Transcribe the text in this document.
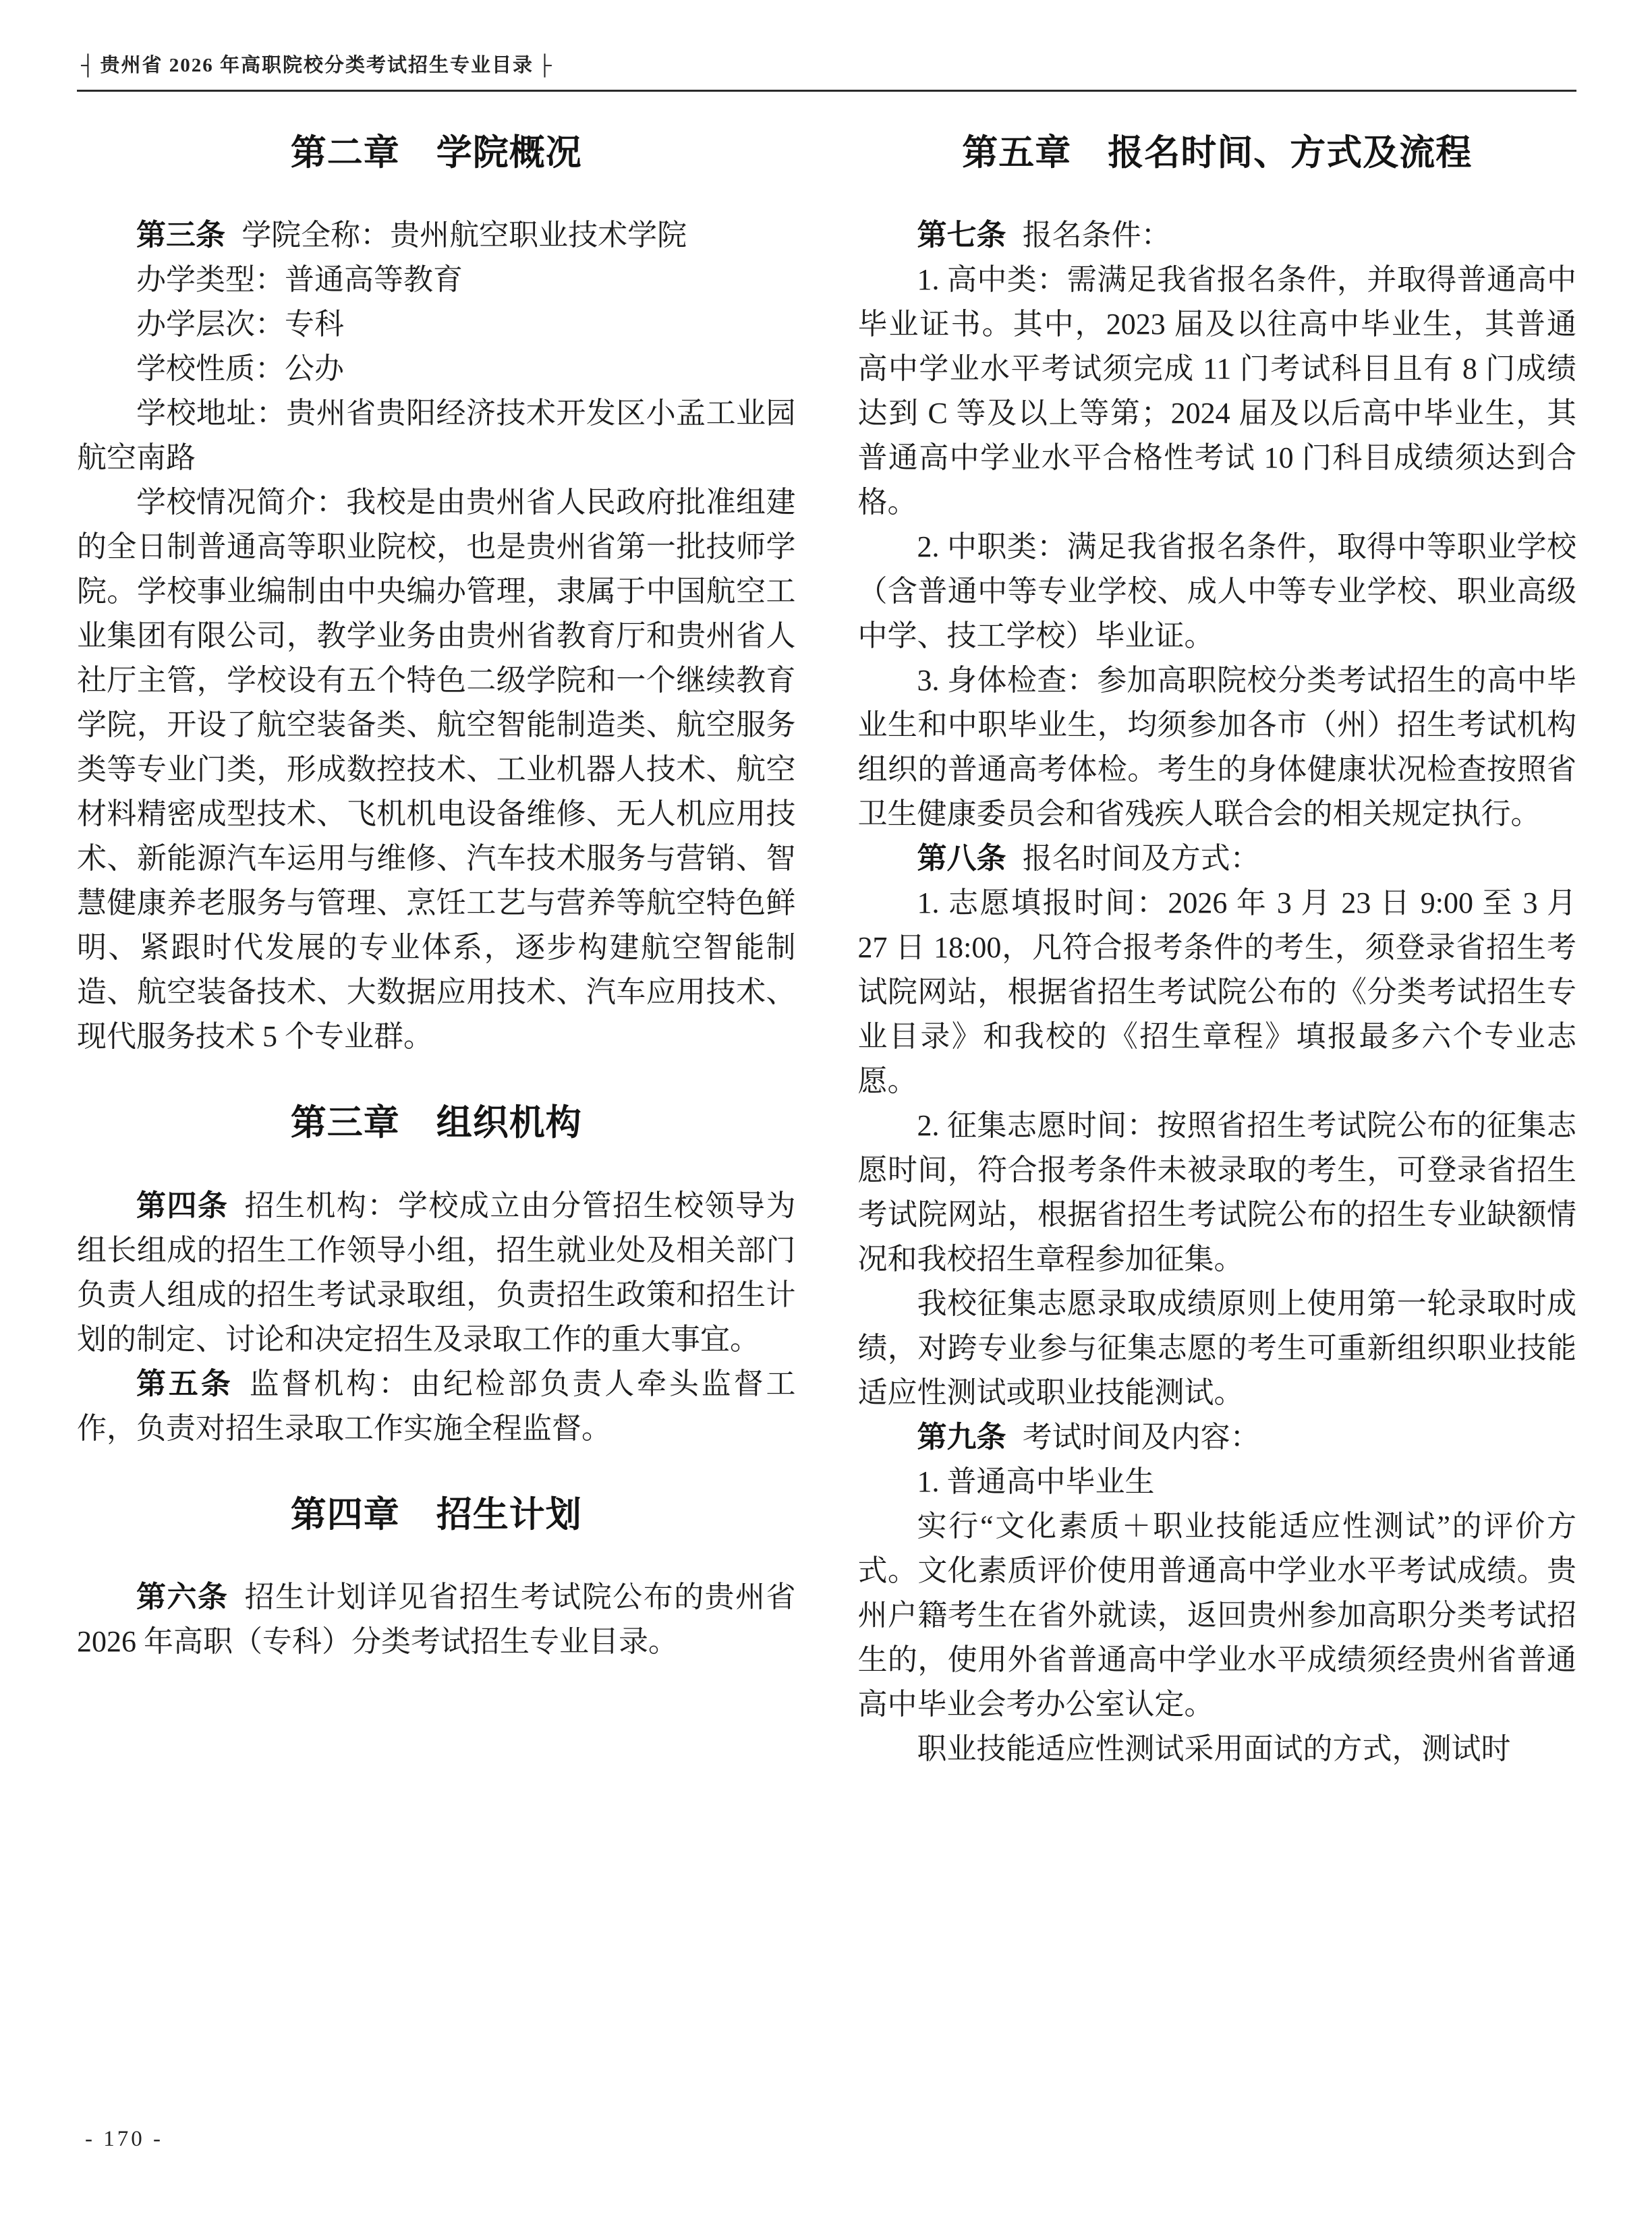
┤ 贵州省 2026 年高职院校分类考试招生专业目录 ├

第二章　学院概况

第三条 学院全称：贵州航空职业技术学院

办学类型：普通高等教育

办学层次：专科

学校性质：公办

学校地址：贵州省贵阳经济技术开发区小孟工业园航空南路

学校情况简介：我校是由贵州省人民政府批准组建的全日制普通高等职业院校，也是贵州省第一批技师学院。学校事业编制由中央编办管理，隶属于中国航空工业集团有限公司，教学业务由贵州省教育厅和贵州省人社厅主管，学校设有五个特色二级学院和一个继续教育学院，开设了航空装备类、航空智能制造类、航空服务类等专业门类，形成数控技术、工业机器人技术、航空材料精密成型技术、飞机机电设备维修、无人机应用技术、新能源汽车运用与维修、汽车技术服务与营销、智慧健康养老服务与管理、烹饪工艺与营养等航空特色鲜明、紧跟时代发展的专业体系，逐步构建航空智能制造、航空装备技术、大数据应用技术、汽车应用技术、现代服务技术 5 个专业群。

第三章　组织机构

第四条 招生机构：学校成立由分管招生校领导为组长组成的招生工作领导小组，招生就业处及相关部门负责人组成的招生考试录取组，负责招生政策和招生计划的制定、讨论和决定招生及录取工作的重大事宜。

第五条 监督机构：由纪检部负责人牵头监督工作，负责对招生录取工作实施全程监督。

第四章　招生计划

第六条 招生计划详见省招生考试院公布的贵州省 2026 年高职（专科）分类考试招生专业目录。

第五章　报名时间、方式及流程

第七条 报名条件：

1. 高中类：需满足我省报名条件，并取得普通高中毕业证书。其中，2023 届及以往高中毕业生，其普通高中学业水平考试须完成 11 门考试科目且有 8 门成绩达到 C 等及以上等第；2024 届及以后高中毕业生，其普通高中学业水平合格性考试 10 门科目成绩须达到合格。

2. 中职类：满足我省报名条件，取得中等职业学校（含普通中等专业学校、成人中等专业学校、职业高级中学、技工学校）毕业证。

3. 身体检查：参加高职院校分类考试招生的高中毕业生和中职毕业生，均须参加各市（州）招生考试机构组织的普通高考体检。考生的身体健康状况检查按照省卫生健康委员会和省残疾人联合会的相关规定执行。

第八条 报名时间及方式：

1. 志愿填报时间：2026 年 3 月 23 日 9:00 至 3 月 27 日 18:00，凡符合报考条件的考生，须登录省招生考试院网站，根据省招生考试院公布的《分类考试招生专业目录》和我校的《招生章程》填报最多六个专业志愿。

2. 征集志愿时间：按照省招生考试院公布的征集志愿时间，符合报考条件未被录取的考生，可登录省招生考试院网站，根据省招生考试院公布的招生专业缺额情况和我校招生章程参加征集。

我校征集志愿录取成绩原则上使用第一轮录取时成绩，对跨专业参与征集志愿的考生可重新组织职业技能适应性测试或职业技能测试。

第九条 考试时间及内容：

1. 普通高中毕业生

实行“文化素质＋职业技能适应性测试”的评价方式。文化素质评价使用普通高中学业水平考试成绩。贵州户籍考生在省外就读，返回贵州参加高职分类考试招生的，使用外省普通高中学业水平成绩须经贵州省普通高中毕业会考办公室认定。

职业技能适应性测试采用面试的方式，测试时

- 170 -
